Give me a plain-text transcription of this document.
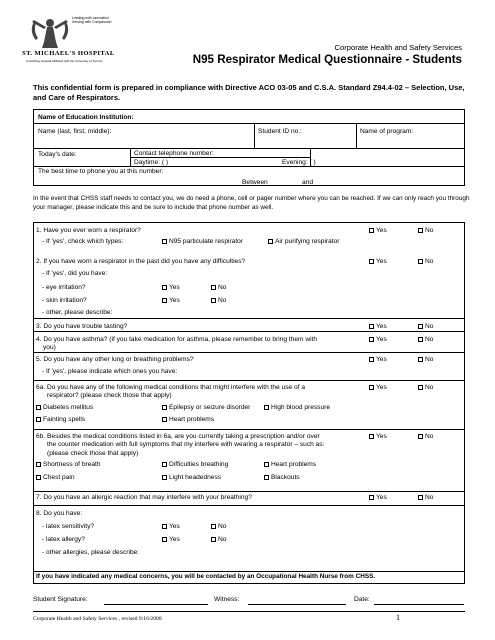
Leading with Innovation
Serving with Compassion
ST. MICHAEL'S HOSPITAL
A teaching hospital affiliated with the University of Toronto
Corporate Health and Safety Services
N95 Respirator Medical Questionnaire - Students
This confidential form is prepared in compliance with Directive ACO 03-05 and C.S.A. Standard Z94.4-02 – Selection, Use, and Care of Respirators.
Name of Education Institution:
Name (last, first, middle):	Student ID no.:	Name of program:
Today's date:	Contact telephone number:
Daytime: ( )	Evening: ( )
The best time to phone you at this number:
Between	and
In the event that CHSS staff needs to contact you, we do need a phone, cell or pager number where you can be reached. If we can only reach you through your manager, please indicate this and be sure to include that phone number as well.
1. Have you ever worn a respirator?	Yes	No
- If 'yes', check which types:	N95 particulate respirator	Air purifying respirator
2. If you have worn a respirator in the past did you have any difficulties?	Yes	No
- If 'yes', did you have:
- eye irritation?	Yes	No
- skin irritation?	Yes	No
- other, please describe:
3. Do you have trouble tasting?	Yes	No
4. Do you have asthma? (if you take medication for asthma, please remember to bring them with
you)
Yes	No
5. Do you have any other lung or breathing problems?	Yes	No
- If 'yes', please indicate which ones you have:
6a. Do you have any of the following medical conditions that might interfere with the use of a
respirator? (please check those that apply)
Yes	No
Diabetes mellitus	Epilepsy or seizure disorder	High blood pressure
Fainting spells	Heart problems
6b. Besides the medical conditions listed in 6a, are you currently taking a prescription and/or over
the counter medication with full symptoms that my interfere with wearing a respirator – such as:
(please check those that apply)
Yes	No
Shortness of breath	Difficulties breathing	Heart problems
Chest pain	Light headedness	Blackouts
7. Do you have an allergic reaction that may interfere with your breathing?	Yes	No
8. Do you have:
- latex sensitivity?	Yes	No
- latex allergy?	Yes	No
- other allergies, please describe:
If you have indicated any medical concerns, you will be contacted by an Occupational Health Nurse from CHSS.
Student Signature:	Witness:	Date:
Corporate Health and Safety Services , revised 9/16/2008	1
